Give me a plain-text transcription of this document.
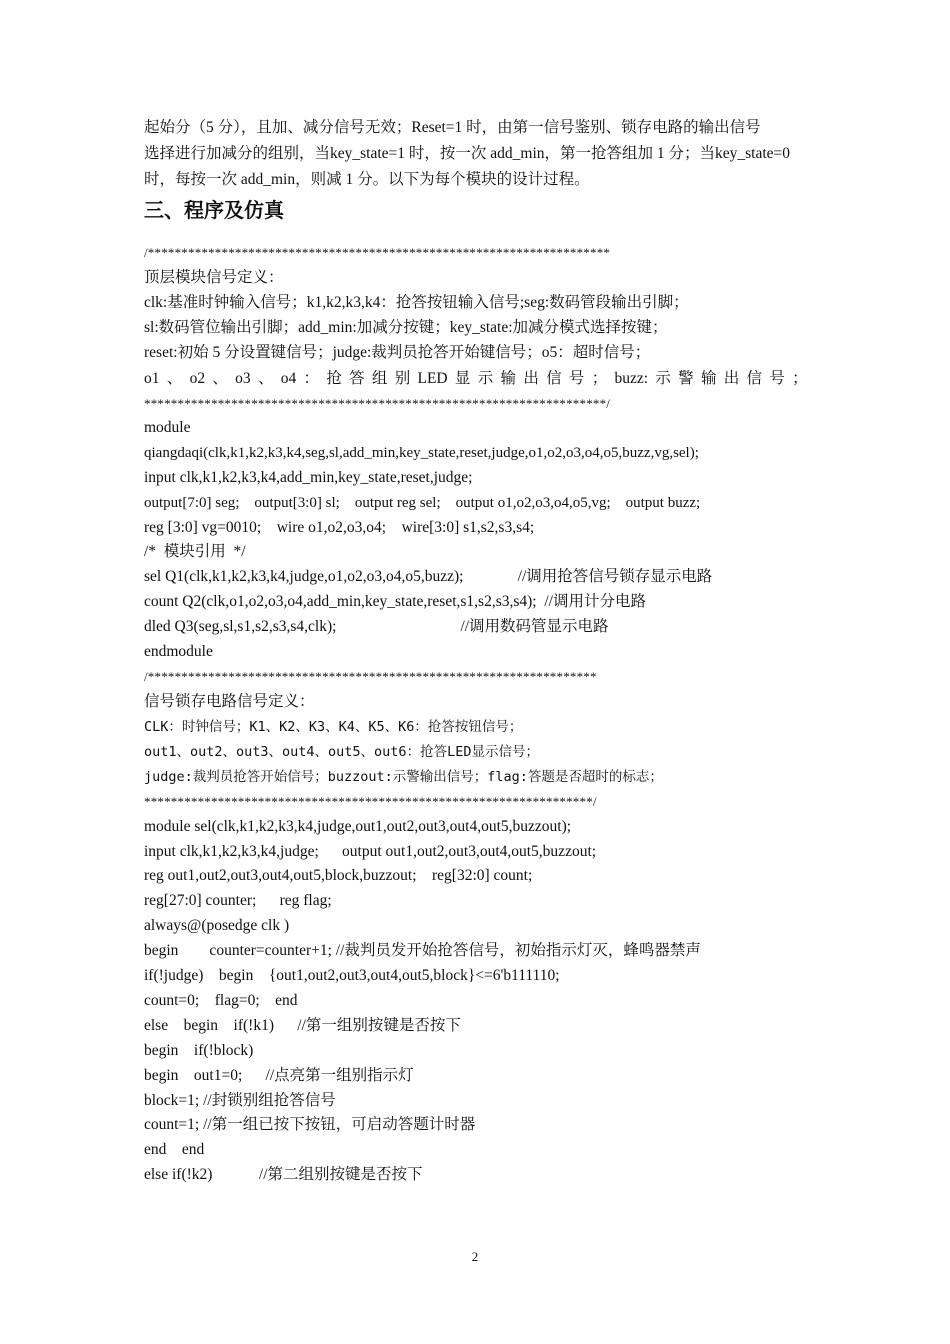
起始分（5 分），且加、减分信号无效；Reset=1 时，由第一信号鉴别、锁存电路的输出信号
选择进行加减分的组别，当key_state=1 时，按一次 add_min，第一抢答组加 1 分；当key_state=0
时，每按一次 add_min，则减 1 分。以下为每个模块的设计过程。
三、程序及仿真
/*********************************************************************
顶层模块信号定义：
clk:基准时钟输入信号；k1,k2,k3,k4：抢答按钮输入信号;seg:数码管段输出引脚；
sl:数码管位输出引脚；add_min:加减分按键；key_state:加减分模式选择按键；
reset:初始 5 分设置键信号；judge:裁判员抢答开始键信号；o5：超时信号；
o1 、 o2 、 o3 、 o4 ： 抢 答 组 别 LED 显 示 输 出 信 号 ； buzz: 示 警 输 出 信 号 ；
*********************************************************************/
module
qiangdaqi(clk,k1,k2,k3,k4,seg,sl,add_min,key_state,reset,judge,o1,o2,o3,o4,o5,buzz,vg,sel);
input clk,k1,k2,k3,k4,add_min,key_state,reset,judge;
output[7:0] seg;    output[3:0] sl;    output reg sel;    output o1,o2,o3,o4,o5,vg;    output buzz;
reg [3:0] vg=0010;    wire o1,o2,o3,o4;    wire[3:0] s1,s2,s3,s4;
/*  模块引用  */
sel Q1(clk,k1,k2,k3,k4,judge,o1,o2,o3,o4,o5,buzz);              //调用抢答信号锁存显示电路
count Q2(clk,o1,o2,o3,o4,add_min,key_state,reset,s1,s2,s3,s4);  //调用计分电路
dled Q3(seg,sl,s1,s2,s3,s4,clk);                                //调用数码管显示电路
endmodule
/*******************************************************************
信号锁存电路信号定义：
CLK：时钟信号；K1、K2、K3、K4、K5、K6：抢答按钮信号；
out1、out2、out3、out4、out5、out6：抢答LED显示信号；
judge:裁判员抢答开始信号；buzzout:示警输出信号；flag:答题是否超时的标志；
*******************************************************************/
module sel(clk,k1,k2,k3,k4,judge,out1,out2,out3,out4,out5,buzzout);
input clk,k1,k2,k3,k4,judge;      output out1,out2,out3,out4,out5,buzzout;
reg out1,out2,out3,out4,out5,block,buzzout;    reg[32:0] count;
reg[27:0] counter;      reg flag;
always@(posedge clk )
begin        counter=counter+1; //裁判员发开始抢答信号，初始指示灯灭，蜂鸣器禁声
if(!judge)    begin    {out1,out2,out3,out4,out5,block}<=6'b111110;
count=0;    flag=0;    end
else    begin    if(!k1)      //第一组别按键是否按下
begin    if(!block)
begin    out1=0;      //点亮第一组别指示灯
block=1; //封锁别组抢答信号
count=1; //第一组已按下按钮，可启动答题计时器
end    end
else if(!k2)            //第二组别按键是否按下
2
